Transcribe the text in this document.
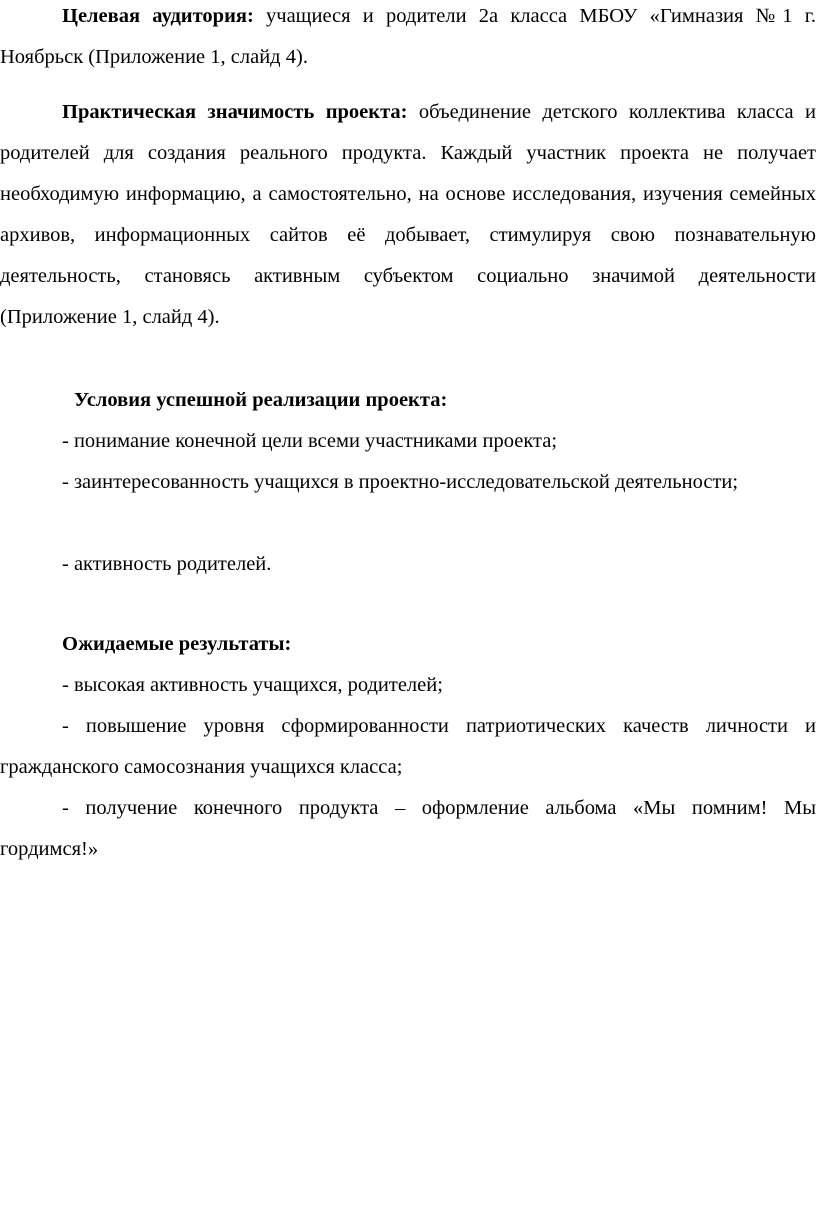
Целевая аудитория: учащиеся и родители 2а класса МБОУ «Гимназия №1 г. Ноябрьск (Приложение 1, слайд 4).

Практическая значимость проекта: объединение детского коллектива класса и родителей для создания реального продукта. Каждый участник проекта не получает необходимую информацию, а самостоятельно, на основе исследования, изучения семейных архивов, информационных сайтов её добывает, стимулируя свою познавательную деятельность, становясь активным субъектом социально значимой деятельности (Приложение 1, слайд 4).

Условия успешной реализации проекта:

- понимание конечной цели всеми участниками проекта;

- заинтересованность учащихся в проектно-исследовательской деятельности;

- активность родителей.

Ожидаемые результаты:

- высокая активность учащихся, родителей;

- повышение уровня сформированности патриотических качеств личности и гражданского самосознания учащихся класса;

- получение конечного продукта – оформление альбома «Мы помним! Мы гордимся!»
